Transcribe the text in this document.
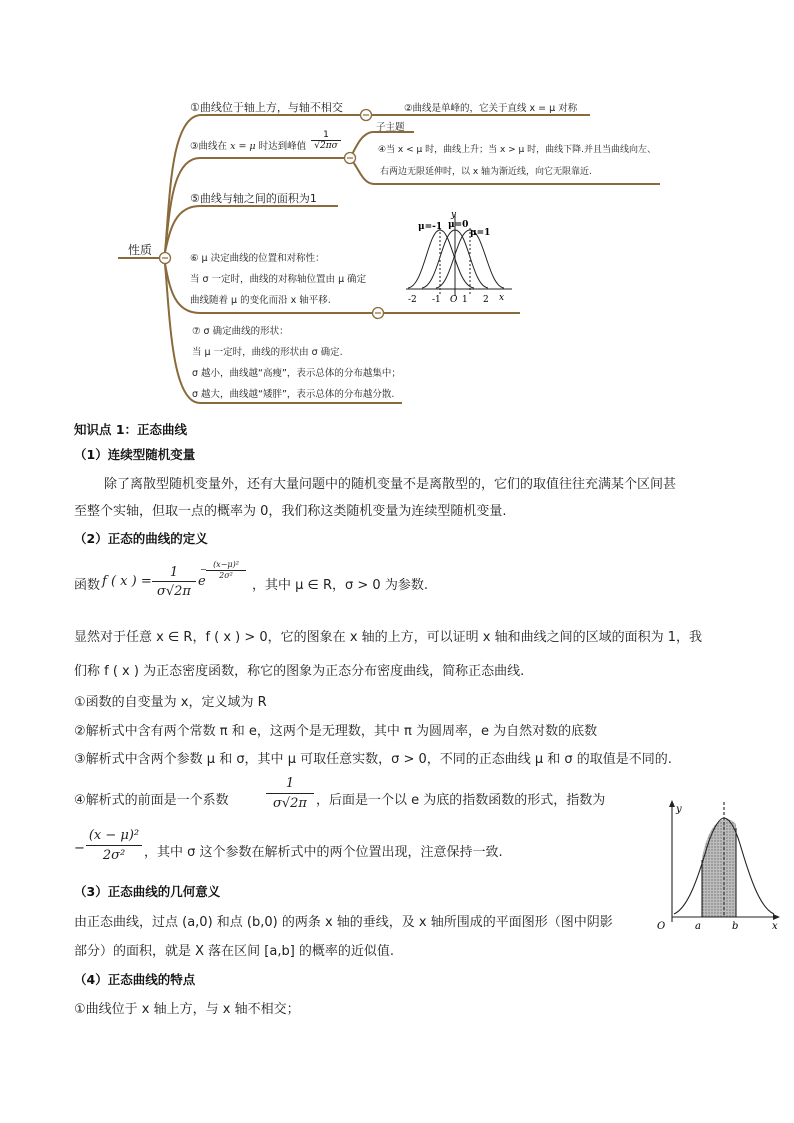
性质
①曲线位于轴上方，与轴不相交	②曲线是单峰的，它关于直线 x = μ 对称
③曲线在 x = μ 时达到峰值 $\frac{1}{√2\pi\sigma}$
子主题
④当 x < μ 时，曲线上升；当 x > μ 时，曲线下降.并且当曲线向左、
右两边无限延伸时，以 x 轴为渐近线，向它无限靠近.
⑤曲线与轴之间的面积为1
⑥ μ 决定曲线的位置和对称性：
当 σ 一定时，曲线的对称轴位置由 μ 确定
曲线随着 μ 的变化而沿 x 轴平移.
μ=-1 μ=0
μ=1
y
x
-2 -1 O 1 2
⑦ σ 确定曲线的形状：
当 μ 一定时，曲线的形状由 σ 确定.
σ 越小，曲线越“高瘦”，表示总体的分布越集中；
σ 越大，曲线越“矮胖”，表示总体的分布越分散.
知识点 1：正态曲线
（1）连续型随机变量
除了离散型随机变量外，还有大量问题中的随机变量不是离散型的，它们的取值往往充满某个区间甚
至整个实轴，但取一点的概率为 0，我们称这类随机变量为连续型随机变量.
（2）正态的曲线的定义
函数 f ( x ) = $\frac{1}{\sigma√2\pi}$ e
−
(x−μ)²
2σ²
，其中 μ ∈ R，σ > 0 为参数.
显然对于任意 x ∈ R，f ( x ) > 0，它的图象在 x 轴的上方，可以证明 x 轴和曲线之间的区域的面积为 1，我
们称 f ( x ) 为正态密度函数，称它的图象为正态分布密度曲线，简称正态曲线.
①函数的自变量为 x，定义域为 R
②解析式中含有两个常数 π 和 e，这两个是无理数，其中 π 为圆周率，e 为自然对数的底数
③解析式中含两个参数 μ 和 σ，其中 μ 可取任意实数，σ > 0，不同的正态曲线 μ 和 σ 的取值是不同的.
④解析式的前面是一个系数	$\frac{1}{\sigma√2\pi}$ ，后面是一个以 e 为底的指数函数的形式，指数为
− $\frac{\text{(x − μ)²}}{\text{2σ²}}$ ，其中 σ 这个参数在解析式中的两个位置出现，注意保持一致.
（3）正态曲线的几何意义
由正态曲线，过点 (a,0) 和点 (b,0) 的两条 x 轴的垂线，及 x 轴所围成的平面图形（图中阴影
部分）的面积，就是 X 落在区间 [a,b] 的概率的近似值.
（4）正态曲线的特点
①曲线位于 x 轴上方，与 x 轴不相交；
y
x
O	a	b
